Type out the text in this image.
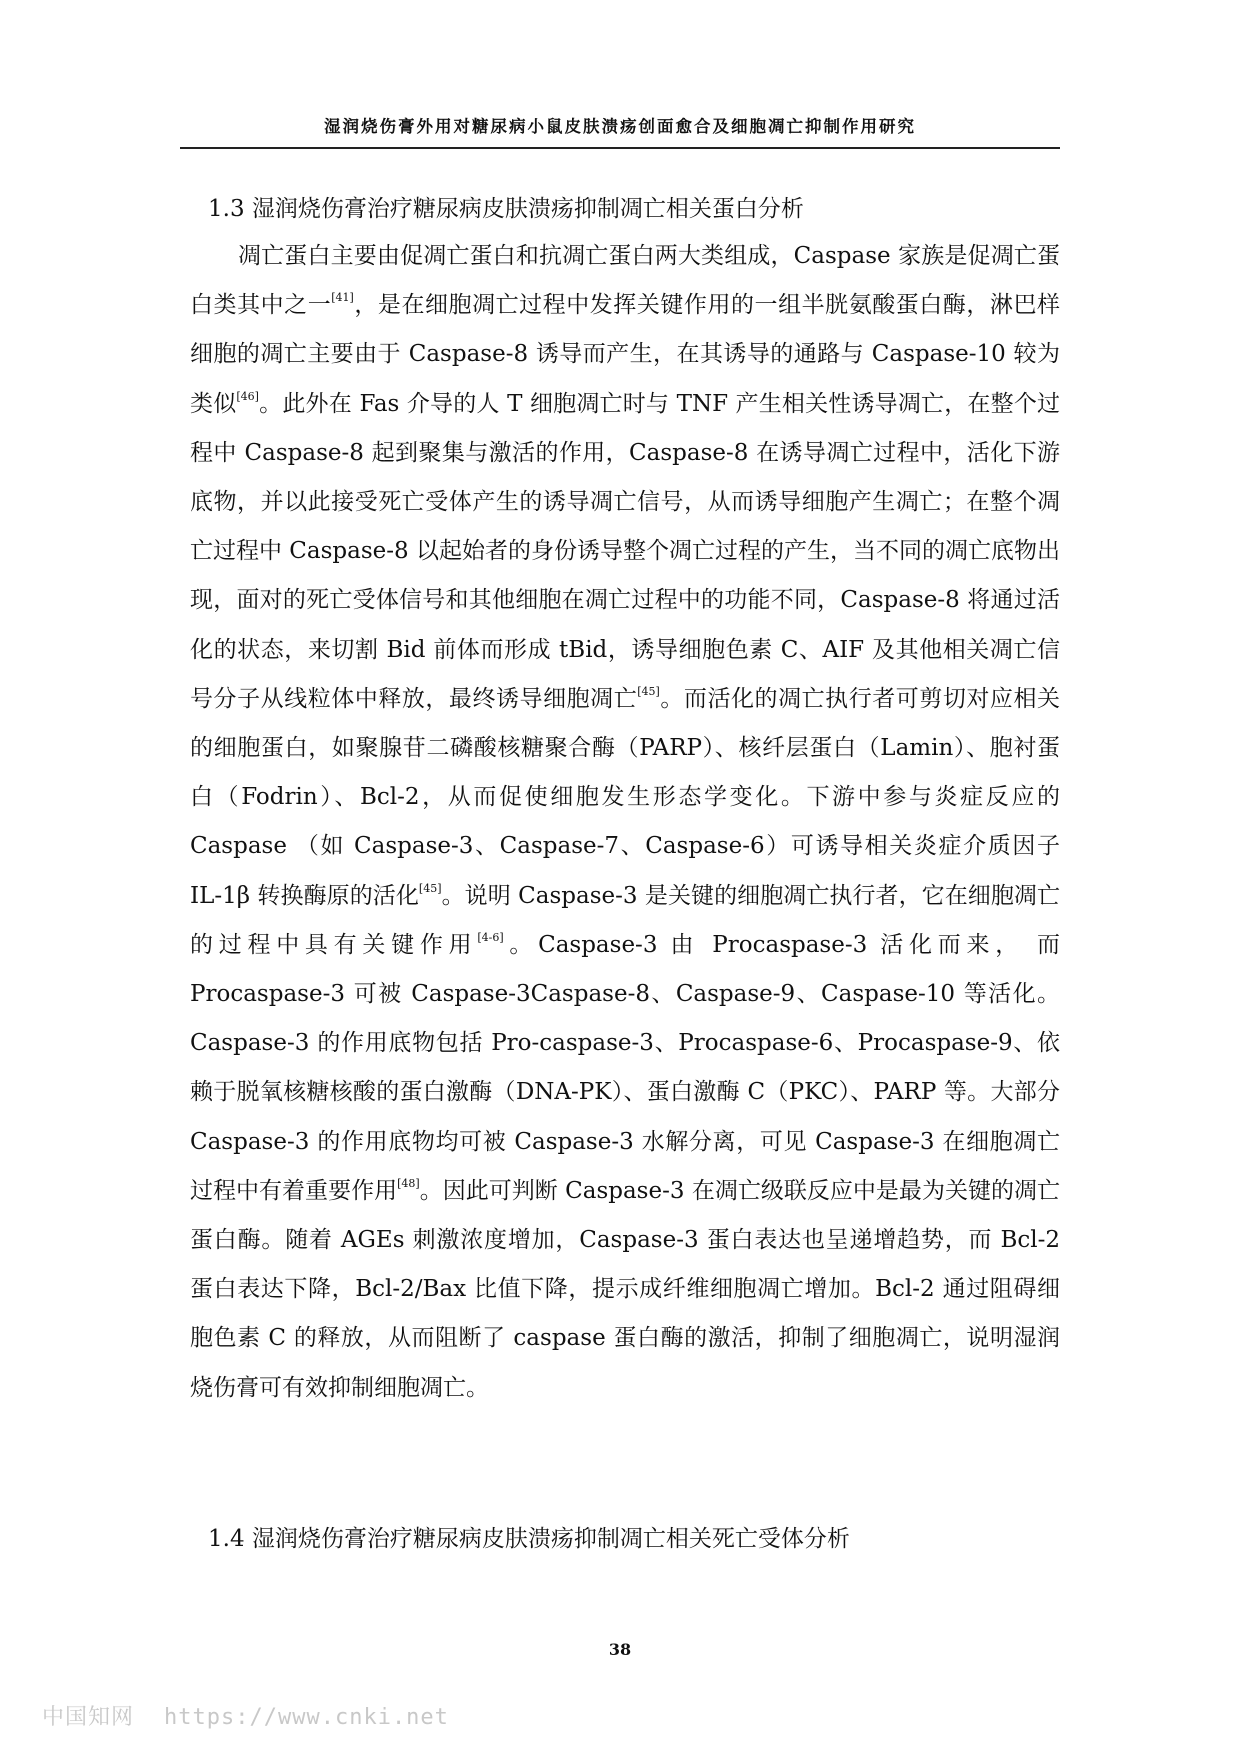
湿润烧伤膏外用对糖尿病小鼠皮肤溃疡创面愈合及细胞凋亡抑制作用研究
1.3 湿润烧伤膏治疗糖尿病皮肤溃疡抑制凋亡相关蛋白分析

凋亡蛋白主要由促凋亡蛋白和抗凋亡蛋白两大类组成，Caspase 家族是促凋亡蛋白类其中之一[41]，是在细胞凋亡过程中发挥关键作用的一组半胱氨酸蛋白酶，淋巴样细胞的凋亡主要由于 Caspase-8 诱导而产生，在其诱导的通路与 Caspase-10 较为类似[46]。此外在 Fas 介导的人 T 细胞凋亡时与 TNF 产生相关性诱导凋亡，在整个过程中 Caspase-8 起到聚集与激活的作用，Caspase-8 在诱导凋亡过程中，活化下游底物，并以此接受死亡受体产生的诱导凋亡信号，从而诱导细胞产生凋亡；在整个凋亡过程中 Caspase-8 以起始者的身份诱导整个凋亡过程的产生，当不同的凋亡底物出现，面对的死亡受体信号和其他细胞在凋亡过程中的功能不同，Caspase-8 将通过活化的状态，来切割 Bid 前体而形成 tBid，诱导细胞色素 C、AIF 及其他相关凋亡信号分子从线粒体中释放，最终诱导细胞凋亡[45]。而活化的凋亡执行者可剪切对应相关的细胞蛋白，如聚腺苷二磷酸核糖聚合酶（PARP）、核纤层蛋白（Lamin）、胞衬蛋白（Fodrin）、Bcl-2，从而促使细胞发生形态学变化。下游中参与炎症反应的 Caspase （如 Caspase-3、Caspase-7、Caspase-6）可诱导相关炎症介质因子 IL-1β 转换酶原的活化[45]。说明 Caspase-3 是关键的细胞凋亡执行者，它在细胞凋亡的过程中具有关键作用[4-6]。Caspase-3 由 Procaspase-3 活化而来， 而 Procaspase-3 可被 Caspase-3Caspase-8、Caspase-9、Caspase-10 等活化。Caspase-3 的作用底物包括 Pro-caspase-3、Procaspase-6、Procaspase-9、依赖于脱氧核糖核酸的蛋白激酶（DNA-PK）、蛋白激酶 C（PKC）、PARP 等。大部分 Caspase-3 的作用底物均可被 Caspase-3 水解分离，可见 Caspase-3 在细胞凋亡过程中有着重要作用[48]。因此可判断 Caspase-3 在凋亡级联反应中是最为关键的凋亡蛋白酶。随着 AGEs 刺激浓度增加，Caspase-3 蛋白表达也呈递增趋势，而 Bcl-2 蛋白表达下降，Bcl-2/Bax 比值下降，提示成纤维细胞凋亡增加。Bcl-2 通过阻碍细胞色素 C 的释放，从而阻断了 caspase 蛋白酶的激活，抑制了细胞凋亡，说明湿润烧伤膏可有效抑制细胞凋亡。

1.4 湿润烧伤膏治疗糖尿病皮肤溃疡抑制凋亡相关死亡受体分析
38
中国知网 https://www.cnki.net
